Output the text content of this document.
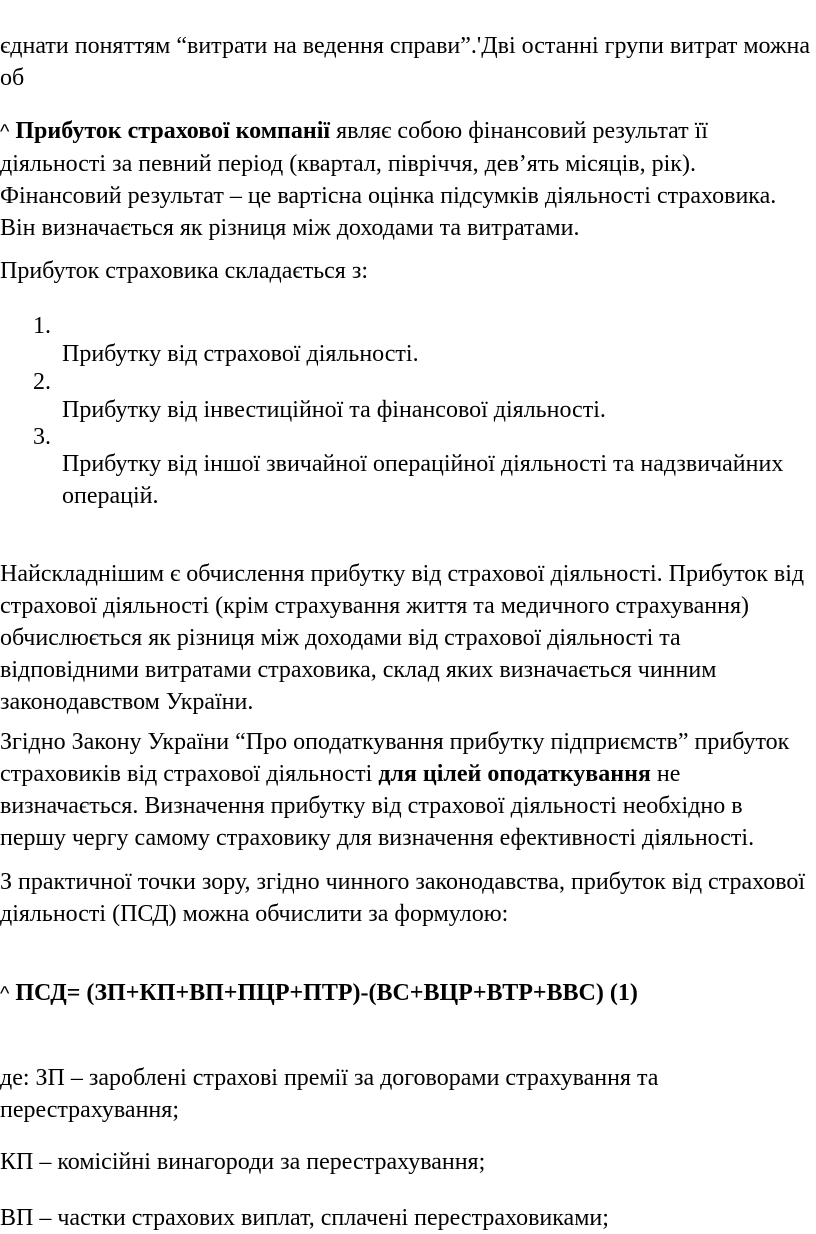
єднати поняттям “витрати на ведення справи”.'Дві останні групи витрат можна об

^ Прибуток страхової компанії являє собою фінансовий результат її діяльності за певний період (квартал, півріччя, дев’ять місяців, рік). Фінансовий результат – це вартісна оцінка підсумків діяльності страховика. Він визначається як різниця між доходами та витратами.

Прибуток страховика складається з:

1.
Прибутку від страхової діяльності.
2.
Прибутку від інвестиційної та фінансової діяльності.
3.
Прибутку від іншої звичайної операційної діяльності та надзвичайних операцій.

Найскладнішим є обчислення прибутку від страхової діяльності. Прибуток від страхової діяльності (крім страхування життя та медичного страхування) обчислюється як різниця між доходами від страхової діяльності та відповідними витратами страховика, склад яких визначається чинним законодавством України.

Згідно Закону України “Про оподаткування прибутку підприємств” прибуток страховиків від страхової діяльності для цілей оподаткування не визначається. Визначення прибутку від страхової діяльності необхідно в першу чергу самому страховику для визначення ефективності діяльності.

З практичної точки зору, згідно чинного законодавства, прибуток від страхової діяльності (ПСД) можна обчислити за формулою:

^ ПСД= (ЗП+КП+ВП+ПЦР+ПТР)-(ВС+ВЦР+ВТР+ВВС) (1)

де: ЗП – зароблені страхові премії за договорами страхування та перестрахування;

КП – комісійні винагороди за перестрахування;

ВП – частки страхових виплат, сплачені перестраховиками;
